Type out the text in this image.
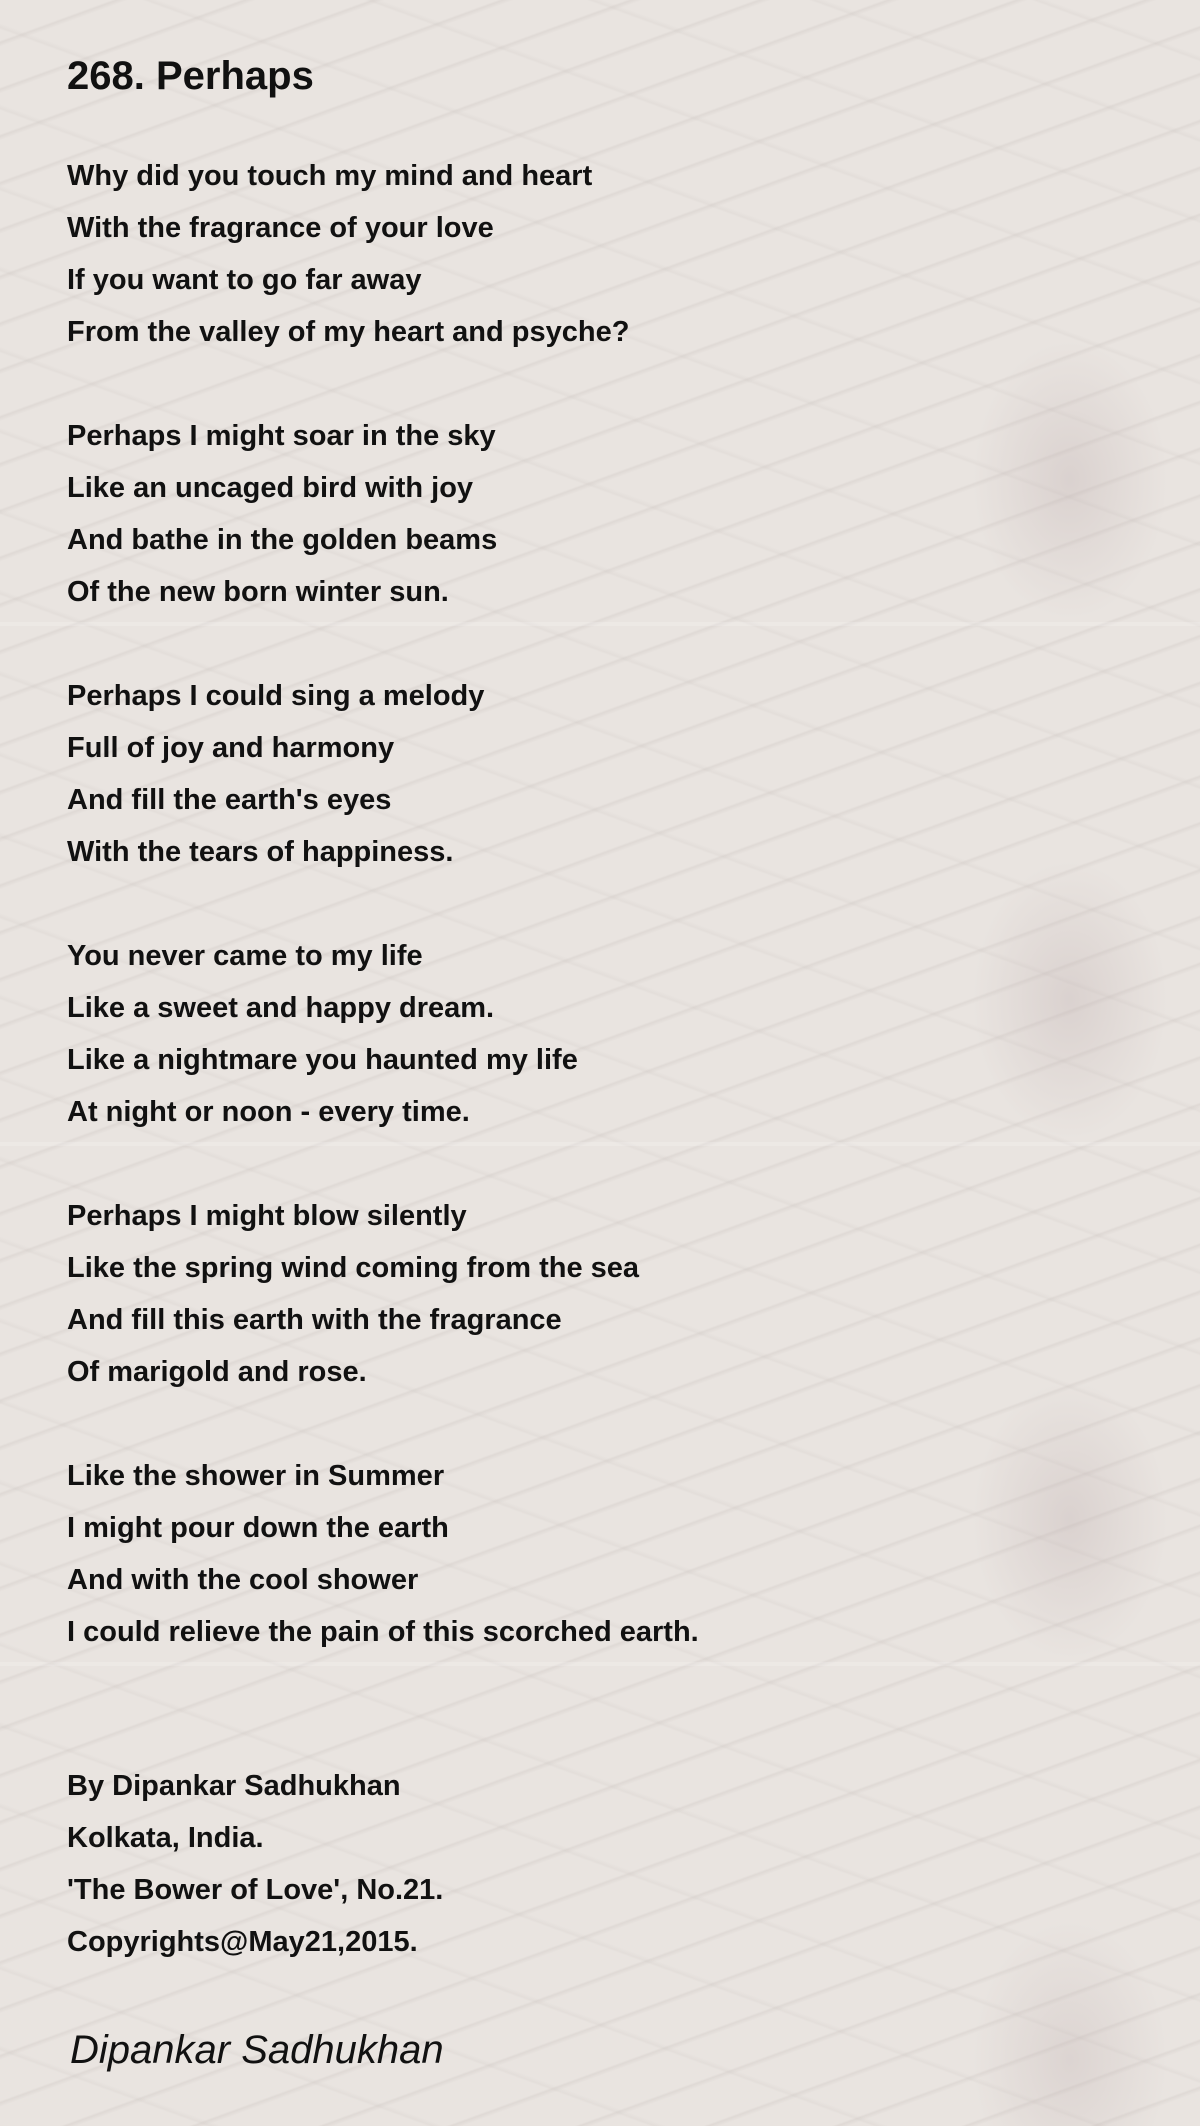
268. Perhaps
Why did you touch my mind and heart
With the fragrance of your love
If you want to go far away
From the valley of my heart and psyche?
Perhaps I might soar in the sky
Like an uncaged bird with joy
And bathe in the golden beams
Of the new born winter sun.
Perhaps I could sing a melody
Full of joy and harmony
And fill the earth's eyes
With the tears of happiness.
You never came to my life
Like a sweet and happy dream.
Like a nightmare you haunted my life
At night or noon - every time.
Perhaps I might blow silently
Like the spring wind coming from the sea
And fill this earth with the fragrance
Of marigold and rose.
Like the shower in Summer
I might pour down the earth
And with the cool shower
I could relieve the pain of this scorched earth.
By Dipankar Sadhukhan
Kolkata, India.
'The Bower of Love', No.21.
Copyrights@May21,2015.
Dipankar Sadhukhan
